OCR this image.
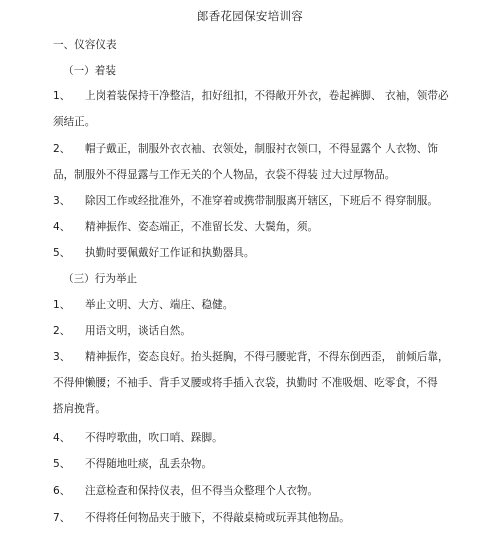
郎香花园保安培训容
一、仪容仪表
（一）着装
1、 上岗着装保持干净整洁，扣好纽扣，不得敞开外衣，卷起裤脚、 衣袖，领带必
须结正。
2、 帽子戴正，制服外衣衣袖、衣领处，制服衬衣领口，不得显露个 人衣物、饰
品，制服外不得显露与工作无关的个人物品，衣袋不得装 过大过厚物品。
3、 除因工作或经批准外，不准穿着或携带制服离开辖区，下班后不 得穿制服。
4、 精神振作、姿态端正，不准留长发、大鬓角，须。
5、 执勤时要佩戴好工作证和执勤器具。
（三）行为举止
1、 举止文明、大方、端庄、稳健。
2、 用语文明，谈话自然。
3、 精神振作，姿态良好。抬头挺胸，不得弓腰驼背，不得东倒西歪， 前倾后靠，
不得伸懒腰；不袖手、背手叉腰或将手插入衣袋，执勤时 不准吸烟、吃零食，不得
搭肩挽背。
4、 不得哼歌曲，吹口哨、跺脚。
5、 不得随地吐痰，乱丢杂物。
6、 注意检查和保持仪表，但不得当众整理个人衣物。
7、 不得将任何物品夹于腋下，不得敲桌椅或玩弄其他物品。
